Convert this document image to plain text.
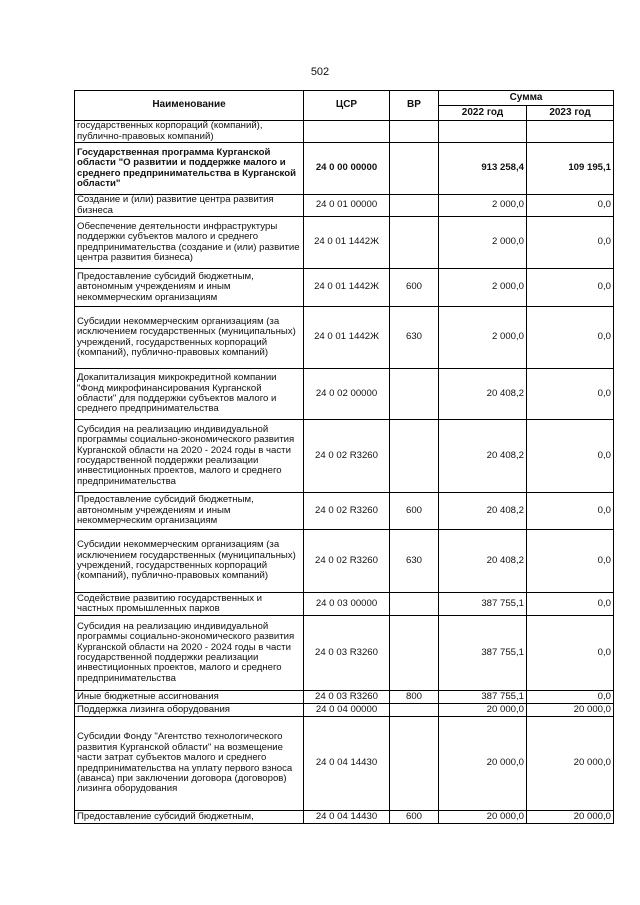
502
Наименование	ЦСР	ВР	Сумма	
			2022 год	2023 год
государственных корпораций (компаний), публично-правовых компаний)				
Государственная программа Курганской области "О развитии и поддержке малого и среднего предпринимательства в Курганской области"	24 0 00 00000		913 258,4	109 195,1
Создание и (или) развитие центра развития бизнеса	24 0 01 00000		2 000,0	0,0
Обеспечение деятельности инфраструктуры поддержки субъектов малого и среднего предпринимательства (создание и (или) развитие центра развития бизнеса)	24 0 01 1442Ж		2 000,0	0,0
Предоставление субсидий бюджетным, автономным учреждениям и иным некоммерческим организациям	24 0 01 1442Ж	600	2 000,0	0,0
Субсидии некоммерческим организациям (за исключением государственных (муниципальных) учреждений, государственных корпораций (компаний), публично-правовых компаний)	24 0 01 1442Ж	630	2 000,0	0,0
Докапитализация микрокредитной компании "Фонд микрофинансирования Курганской области" для поддержки субъектов малого и среднего предпринимательства	24 0 02 00000		20 408,2	0,0
Субсидия на реализацию индивидуальной программы социально-экономического развития Курганской области на 2020 - 2024 годы в части государственной поддержки реализации инвестиционных проектов, малого и среднего предпринимательства	24 0 02 R3260		20 408,2	0,0
Предоставление субсидий бюджетным, автономным учреждениям и иным некоммерческим организациям	24 0 02 R3260	600	20 408,2	0,0
Субсидии некоммерческим организациям (за исключением государственных (муниципальных) учреждений, государственных корпораций (компаний), публично-правовых компаний)	24 0 02 R3260	630	20 408,2	0,0
Содействие развитию государственных и частных промышленных парков	24 0 03 00000		387 755,1	0,0
Субсидия на реализацию индивидуальной программы социально-экономического развития Курганской области на 2020 - 2024 годы в части государственной поддержки реализации инвестиционных проектов, малого и среднего предпринимательства	24 0 03 R3260		387 755,1	0,0
Иные бюджетные ассигнования	24 0 03 R3260	800	387 755,1	0,0
Поддержка лизинга оборудования	24 0 04 00000		20 000,0	20 000,0
Субсидии Фонду "Агентство технологического развития Курганской области" на возмещение части затрат субъектов малого и среднего предпринимательства на уплату первого взноса (аванса) при заключении договора (договоров) лизинга оборудования	24 0 04 14430		20 000,0	20 000,0
Предоставление субсидий бюджетным,	24 0 04 14430	600	20 000,0	20 000,0
